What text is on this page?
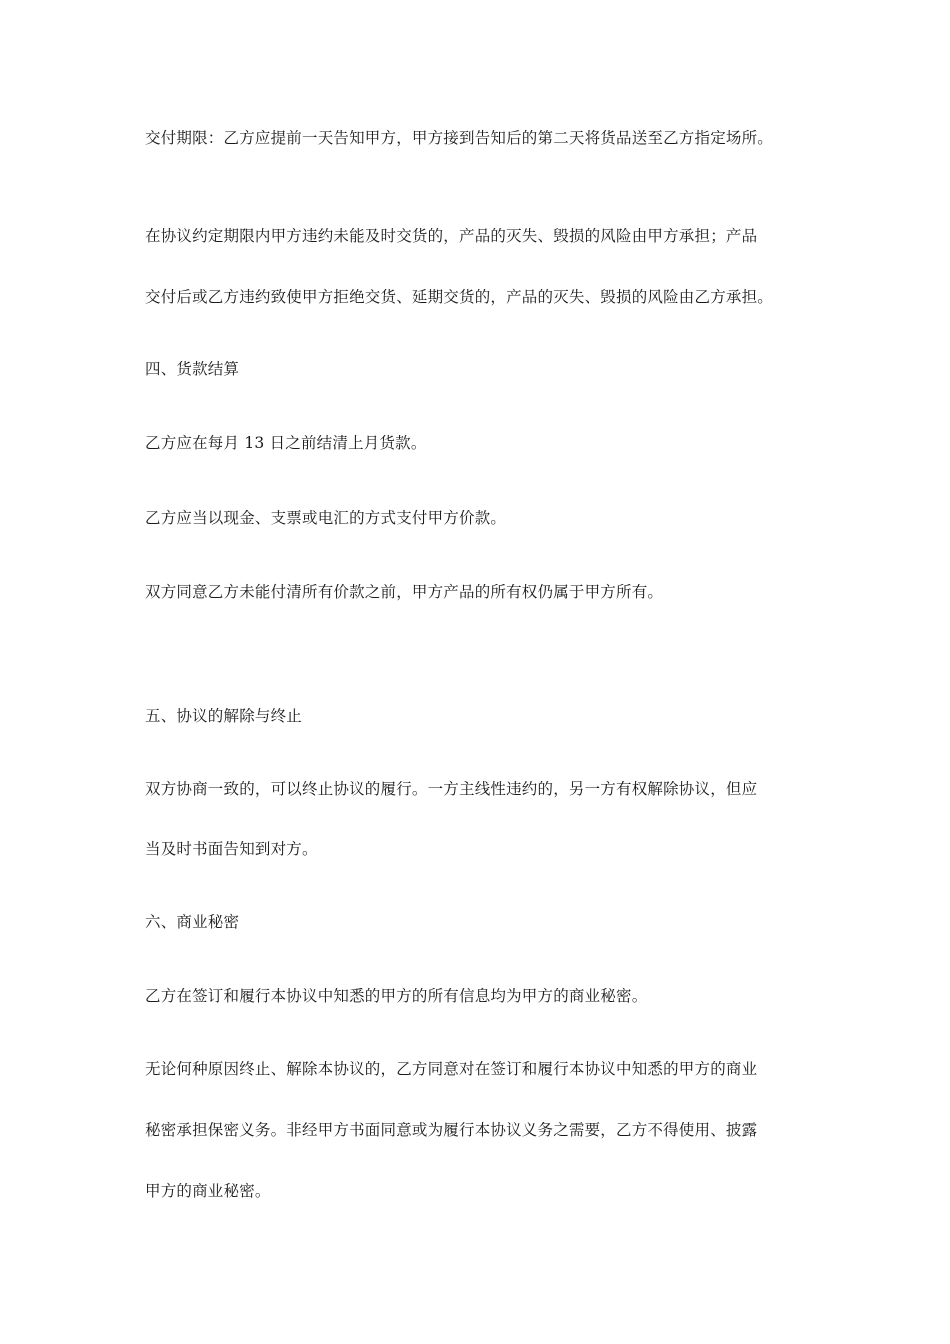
交付期限：乙方应提前一天告知甲方，甲方接到告知后的第二天将货品送至乙方指定场所。
在协议约定期限内甲方违约未能及时交货的，产品的灭失、毁损的风险由甲方承担；产品
交付后或乙方违约致使甲方拒绝交货、延期交货的，产品的灭失、毁损的风险由乙方承担。
四、货款结算
乙方应在每月 13 日之前结清上月货款。
乙方应当以现金、支票或电汇的方式支付甲方价款。
双方同意乙方未能付清所有价款之前，甲方产品的所有权仍属于甲方所有。
五、协议的解除与终止
双方协商一致的，可以终止协议的履行。一方主线性违约的，另一方有权解除协议，但应
当及时书面告知到对方。
六、商业秘密
乙方在签订和履行本协议中知悉的甲方的所有信息均为甲方的商业秘密。
无论何种原因终止、解除本协议的，乙方同意对在签订和履行本协议中知悉的甲方的商业
秘密承担保密义务。非经甲方书面同意或为履行本协议义务之需要，乙方不得使用、披露
甲方的商业秘密。
